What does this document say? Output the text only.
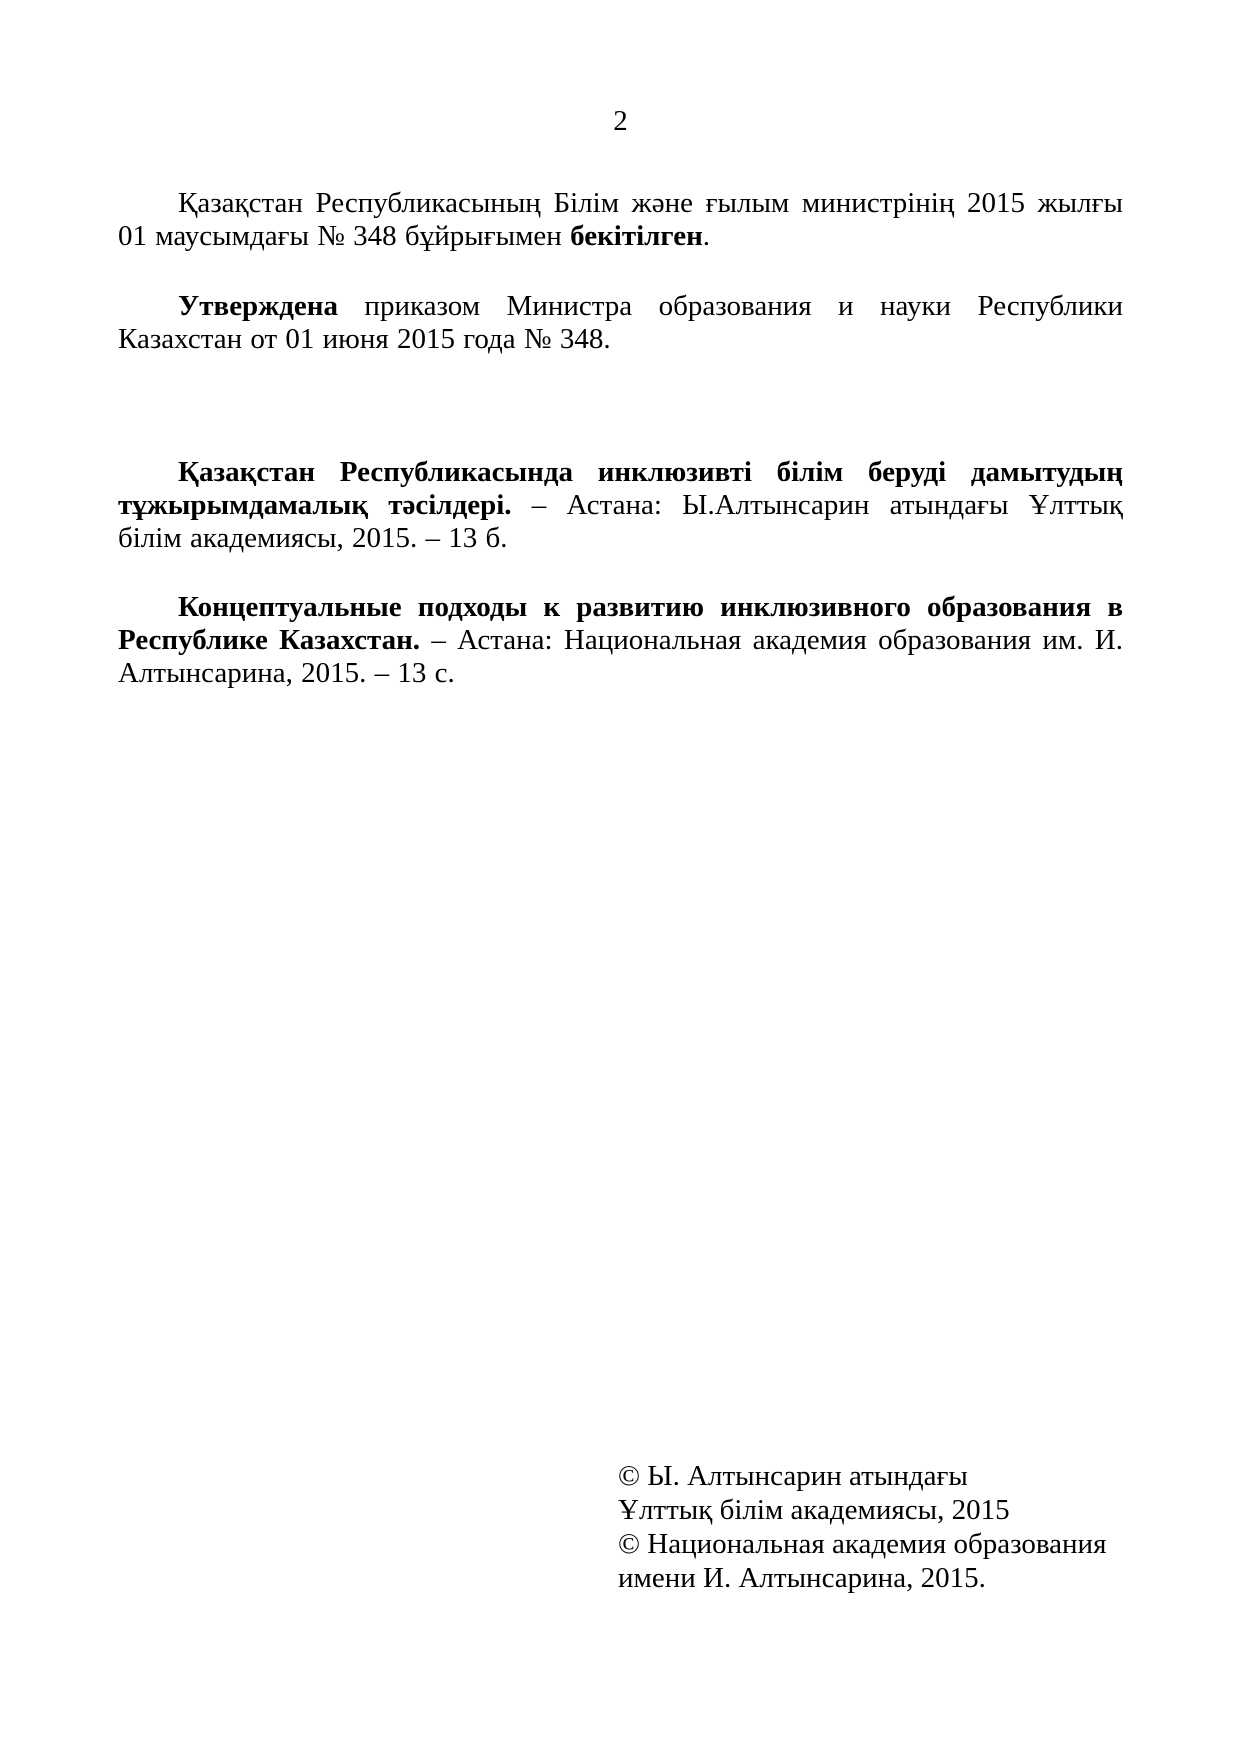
2

Қазақстан Республикасының Білім және ғылым министрінің 2015 жылғы 01 маусымдағы № 348 бұйрығымен бекітілген.

Утверждена приказом Министра образования и науки Республики Казахстан от 01 июня 2015 года № 348.

Қазақстан Республикасында инклюзивті білім беруді дамытудың тұжырымдамалық тәсілдері. – Астана: Ы.Алтынсарин атындағы Ұлттық білім академиясы, 2015. – 13 б.

Концептуальные подходы к развитию инклюзивного образования в Республике Казахстан. – Астана: Национальная академия образования им. И. Алтынсарина, 2015. – 13 с.

© Ы. Алтынсарин атындағы
Ұлттық білім академиясы, 2015
© Национальная академия образования
имени И. Алтынсарина, 2015.
